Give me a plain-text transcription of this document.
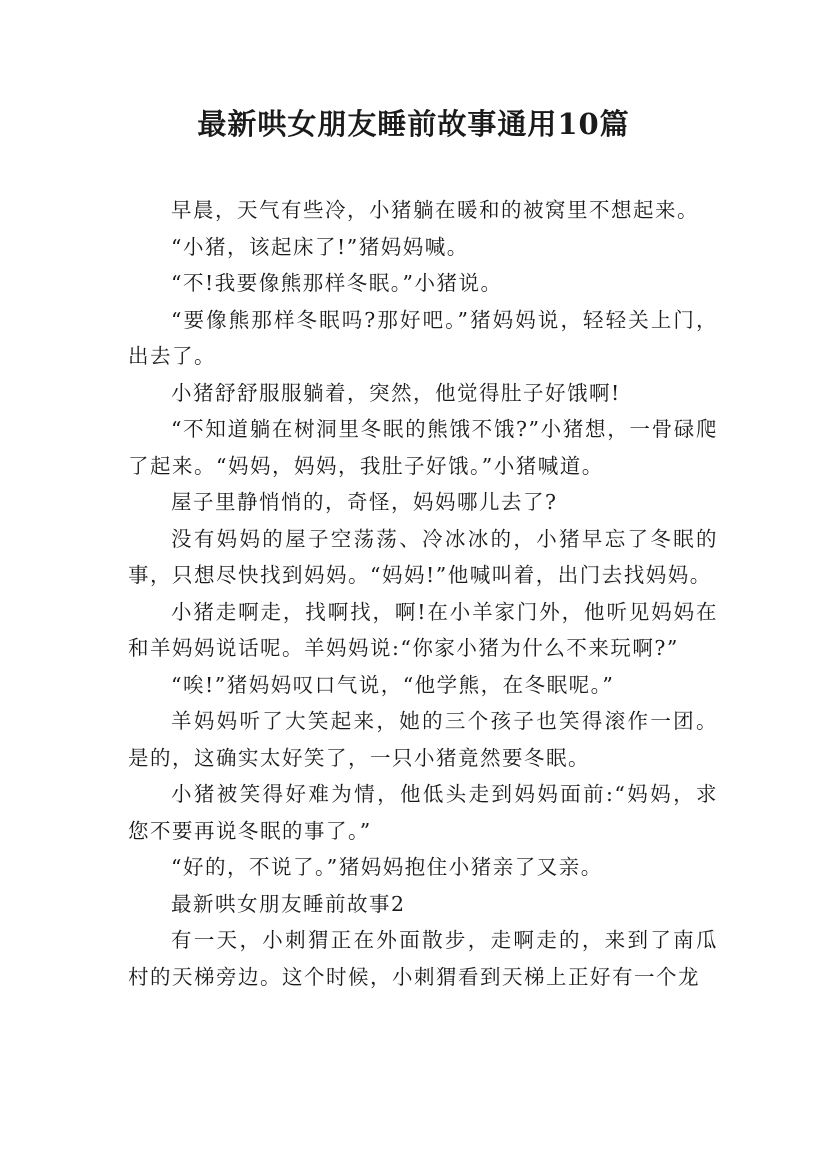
最新哄女朋友睡前故事通用10篇

早晨，天气有些冷，小猪躺在暖和的被窝里不想起来。

“小猪，该起床了!”猪妈妈喊。

“不!我要像熊那样冬眠。”小猪说。

“要像熊那样冬眠吗?那好吧。”猪妈妈说，轻轻关上门，出去了。

小猪舒舒服服躺着，突然，他觉得肚子好饿啊!

“不知道躺在树洞里冬眠的熊饿不饿?”小猪想，一骨碌爬了起来。“妈妈，妈妈，我肚子好饿。”小猪喊道。

屋子里静悄悄的，奇怪，妈妈哪儿去了?

没有妈妈的屋子空荡荡、冷冰冰的，小猪早忘了冬眠的事，只想尽快找到妈妈。“妈妈!”他喊叫着，出门去找妈妈。

小猪走啊走，找啊找，啊!在小羊家门外，他听见妈妈在和羊妈妈说话呢。羊妈妈说:“你家小猪为什么不来玩啊?”

“唉!”猪妈妈叹口气说，“他学熊，在冬眠呢。”

羊妈妈听了大笑起来，她的三个孩子也笑得滚作一团。是的，这确实太好笑了，一只小猪竟然要冬眠。

小猪被笑得好难为情，他低头走到妈妈面前:“妈妈，求您不要再说冬眠的事了。”

“好的，不说了。”猪妈妈抱住小猪亲了又亲。

最新哄女朋友睡前故事2

有一天，小刺猬正在外面散步，走啊走的，来到了南瓜村的天梯旁边。这个时候，小刺猬看到天梯上正好有一个龙
